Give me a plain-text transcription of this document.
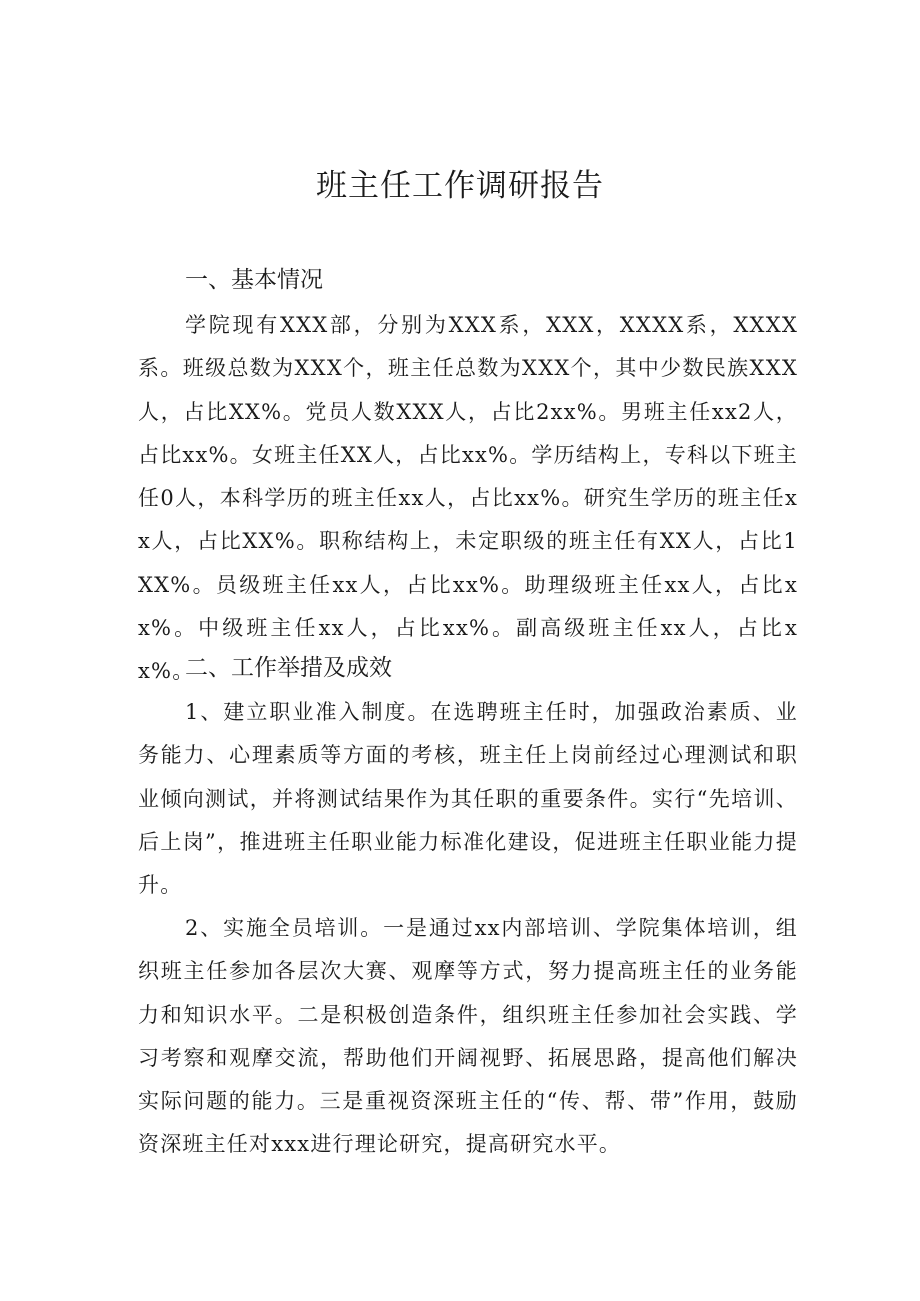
班主任工作调研报告
一、基本情况

学院现有XXX部，分别为XXX系，XXX，XXXX系，XXXX系。班级总数为XXX个，班主任总数为XXX个，其中少数民族XXX人，占比XX%。党员人数XXX人，占比2xx%。男班主任xx2人，占比xx%。女班主任XX人，占比xx%。学历结构上，专科以下班主任0人，本科学历的班主任xx人，占比xx%。研究生学历的班主任xx人，占比XX%。职称结构上，未定职级的班主任有XX人，占比1XX%。员级班主任xx人，占比xx%。助理级班主任xx人，占比xx%。中级班主任xx人，占比xx%。副高级班主任xx人，占比xx%。

二、工作举措及成效

1、建立职业准入制度。在选聘班主任时，加强政治素质、业务能力、心理素质等方面的考核，班主任上岗前经过心理测试和职业倾向测试，并将测试结果作为其任职的重要条件。实行“先培训、后上岗”，推进班主任职业能力标准化建设，促进班主任职业能力提升。

2、实施全员培训。一是通过xx内部培训、学院集体培训，组织班主任参加各层次大赛、观摩等方式，努力提高班主任的业务能力和知识水平。二是积极创造条件，组织班主任参加社会实践、学习考察和观摩交流，帮助他们开阔视野、拓展思路，提高他们解决实际问题的能力。三是重视资深班主任的“传、帮、带”作用，鼓励资深班主任对xxx进行理论研究，提高研究水平。
